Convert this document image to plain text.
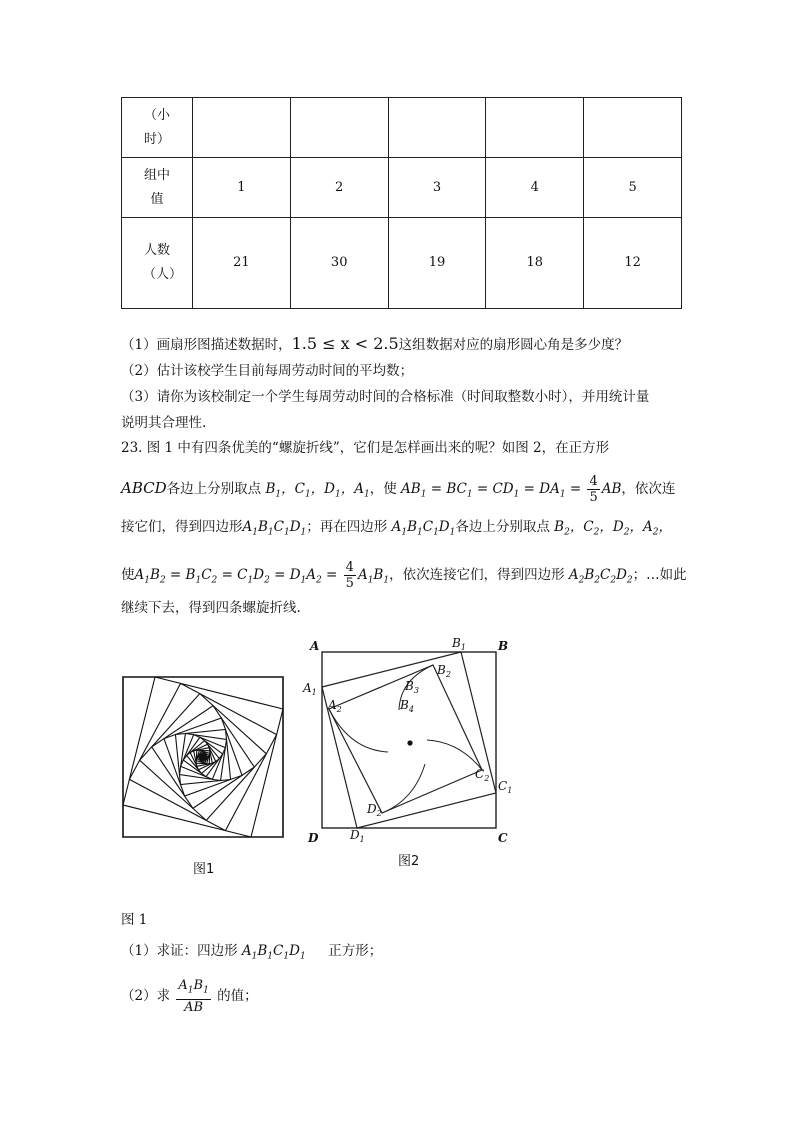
（小时）					

组中值	1	2	3	4	5

人数（人）	21	30	19	18	12
（1）画扇形图描述数据时，1.5 ≤ x < 2.5这组数据对应的扇形圆心角是多少度？
（2）估计该校学生目前每周劳动时间的平均数；
（3）请你为该校制定一个学生每周劳动时间的合格标准（时间取整数小时），并用统计量
说明其合理性.
23. 图 1 中有四条优美的“螺旋折线”，它们是怎样画出来的呢？如图 2，在正方形
ABCD各边上分别取点 $B_1$，$C_1$，$D_1$，$A_1$，使 $AB_1 = BC_1 = CD_1 = DA_1 = \frac{4}{5}$ AB，依次连
接它们，得到四边形$A_1B_1C_1D_1$；再在四边形 $A_1B_1C_1D_1$各边上分别取点 $B_2$，$C_2$，$D_2$，$A_2$，
使$A_1B_2 = B_1C_2 = C_1D_2 = D_1A_2 = \frac{4}{5} A_1B_1$，依次连接它们，得到四边形 $A_2B_2C_2D_2$；…如此
继续下去，得到四条螺旋折线.
图1
A	B
C
D
$A_1$
$B_1$
$C_1$
$D_1$
$A_2$
$B_2$
$C_2$
$D_2$
$B_3$
$B_4$
图2
图 1
（1）求证：四边形 $A_1B_1C_1D_1$ 正方形；
（2）求 $\frac{A_1B_1}{AB}$ 的值；
